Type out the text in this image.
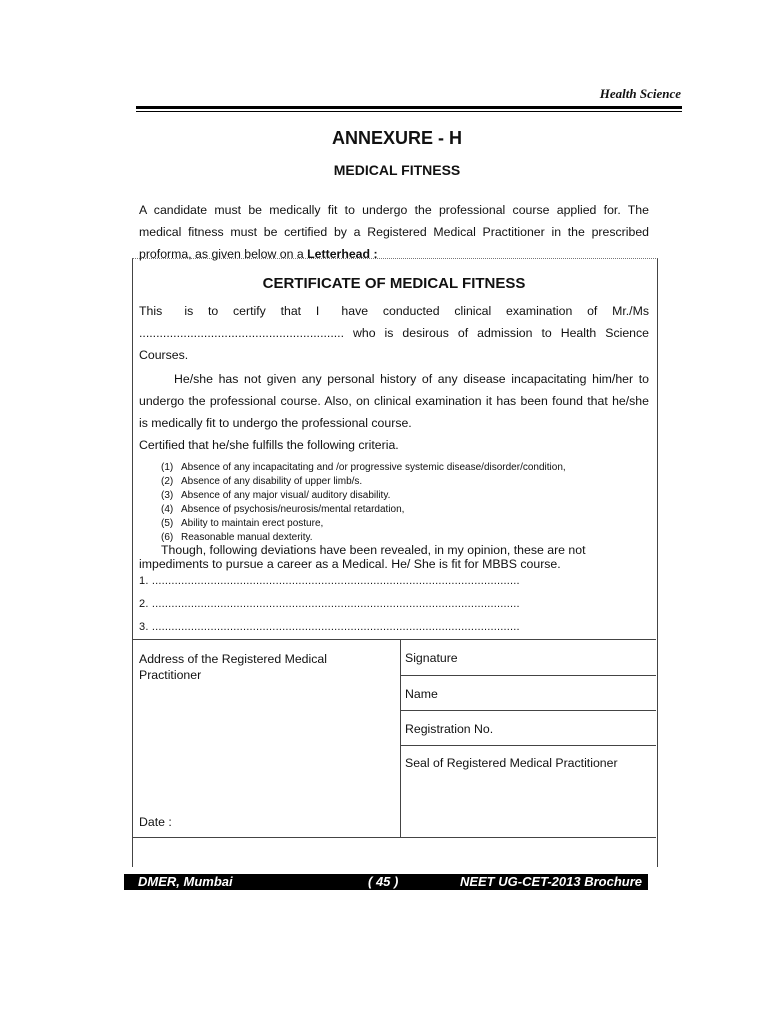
Health Science
ANNEXURE - H
MEDICAL FITNESS
A candidate must be medically fit to undergo the professional course applied for. The
medical fitness must be certified by a Registered Medical Practitioner in the prescribed
proforma, as given below on a Letterhead :
CERTIFICATE OF MEDICAL FITNESS
This   is  to  certify  that  I   have  conducted  clinical  examination  of  Mr./Ms
............................................................ who is desirous of admission to Health Science
Courses.
He/she has not given any personal history of any disease incapacitating him/her to
undergo the professional course. Also, on clinical examination it has been found that he/she
is medically fit to undergo the professional course.
Certified that he/she fulfills the following criteria.
(1) Absence of any incapacitating and /or progressive systemic disease/disorder/condition,
(2) Absence of any disability of upper limb/s.
(3) Absence of any major visual/ auditory disability.
(4) Absence of psychosis/neurosis/mental retardation,
(5) Ability to maintain erect posture,
(6) Reasonable manual dexterity.
Though, following deviations have been revealed, in my opinion, these are not
impediments to pursue a career as a Medical. He/ She is fit for MBBS course.
1. .................................................................................................................
2. .................................................................................................................
3. .................................................................................................................
Address of the Registered Medical Practitioner
Signature
Name
Registration No.
Seal of Registered Medical Practitioner
Date :
DMER, Mumbai	( 45 )	NEET UG-CET-2013 Brochure
